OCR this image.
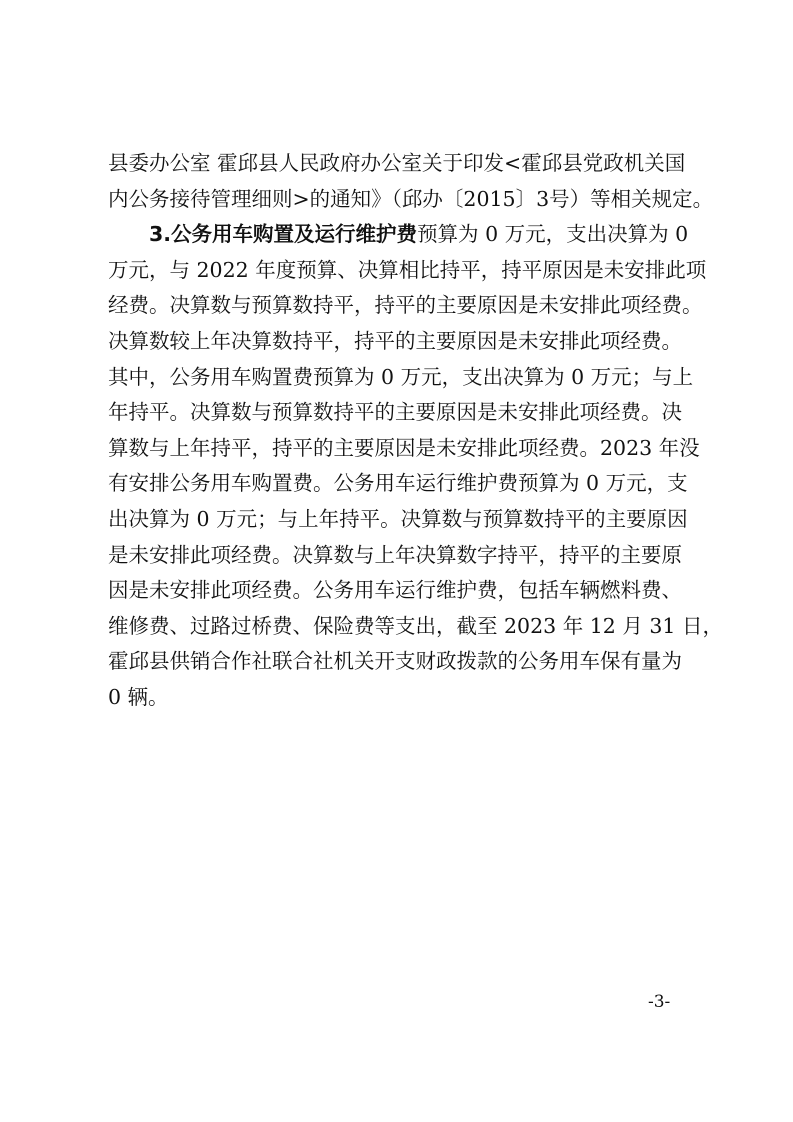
县委办公室 霍邱县人民政府办公室关于印发<霍邱县党政机关国
内公务接待管理细则>的通知》（邱办〔2015〕3号）等相关规定。
3.公务用车购置及运行维护费预算为 0 万元，支出决算为 0
万元，与 2022 年度预算、决算相比持平，持平原因是未安排此项
经费。决算数与预算数持平，持平的主要原因是未安排此项经费。
决算数较上年决算数持平，持平的主要原因是未安排此项经费。
其中，公务用车购置费预算为 0 万元，支出决算为 0 万元；与上
年持平。决算数与预算数持平的主要原因是未安排此项经费。决
算数与上年持平，持平的主要原因是未安排此项经费。2023 年没
有安排公务用车购置费。公务用车运行维护费预算为 0 万元，支
出决算为 0 万元；与上年持平。决算数与预算数持平的主要原因
是未安排此项经费。决算数与上年决算数字持平，持平的主要原
因是未安排此项经费。公务用车运行维护费，包括车辆燃料费、
维修费、过路过桥费、保险费等支出，截至 2023 年 12 月 31 日，
霍邱县供销合作社联合社机关开支财政拨款的公务用车保有量为
0 辆。
-3-
